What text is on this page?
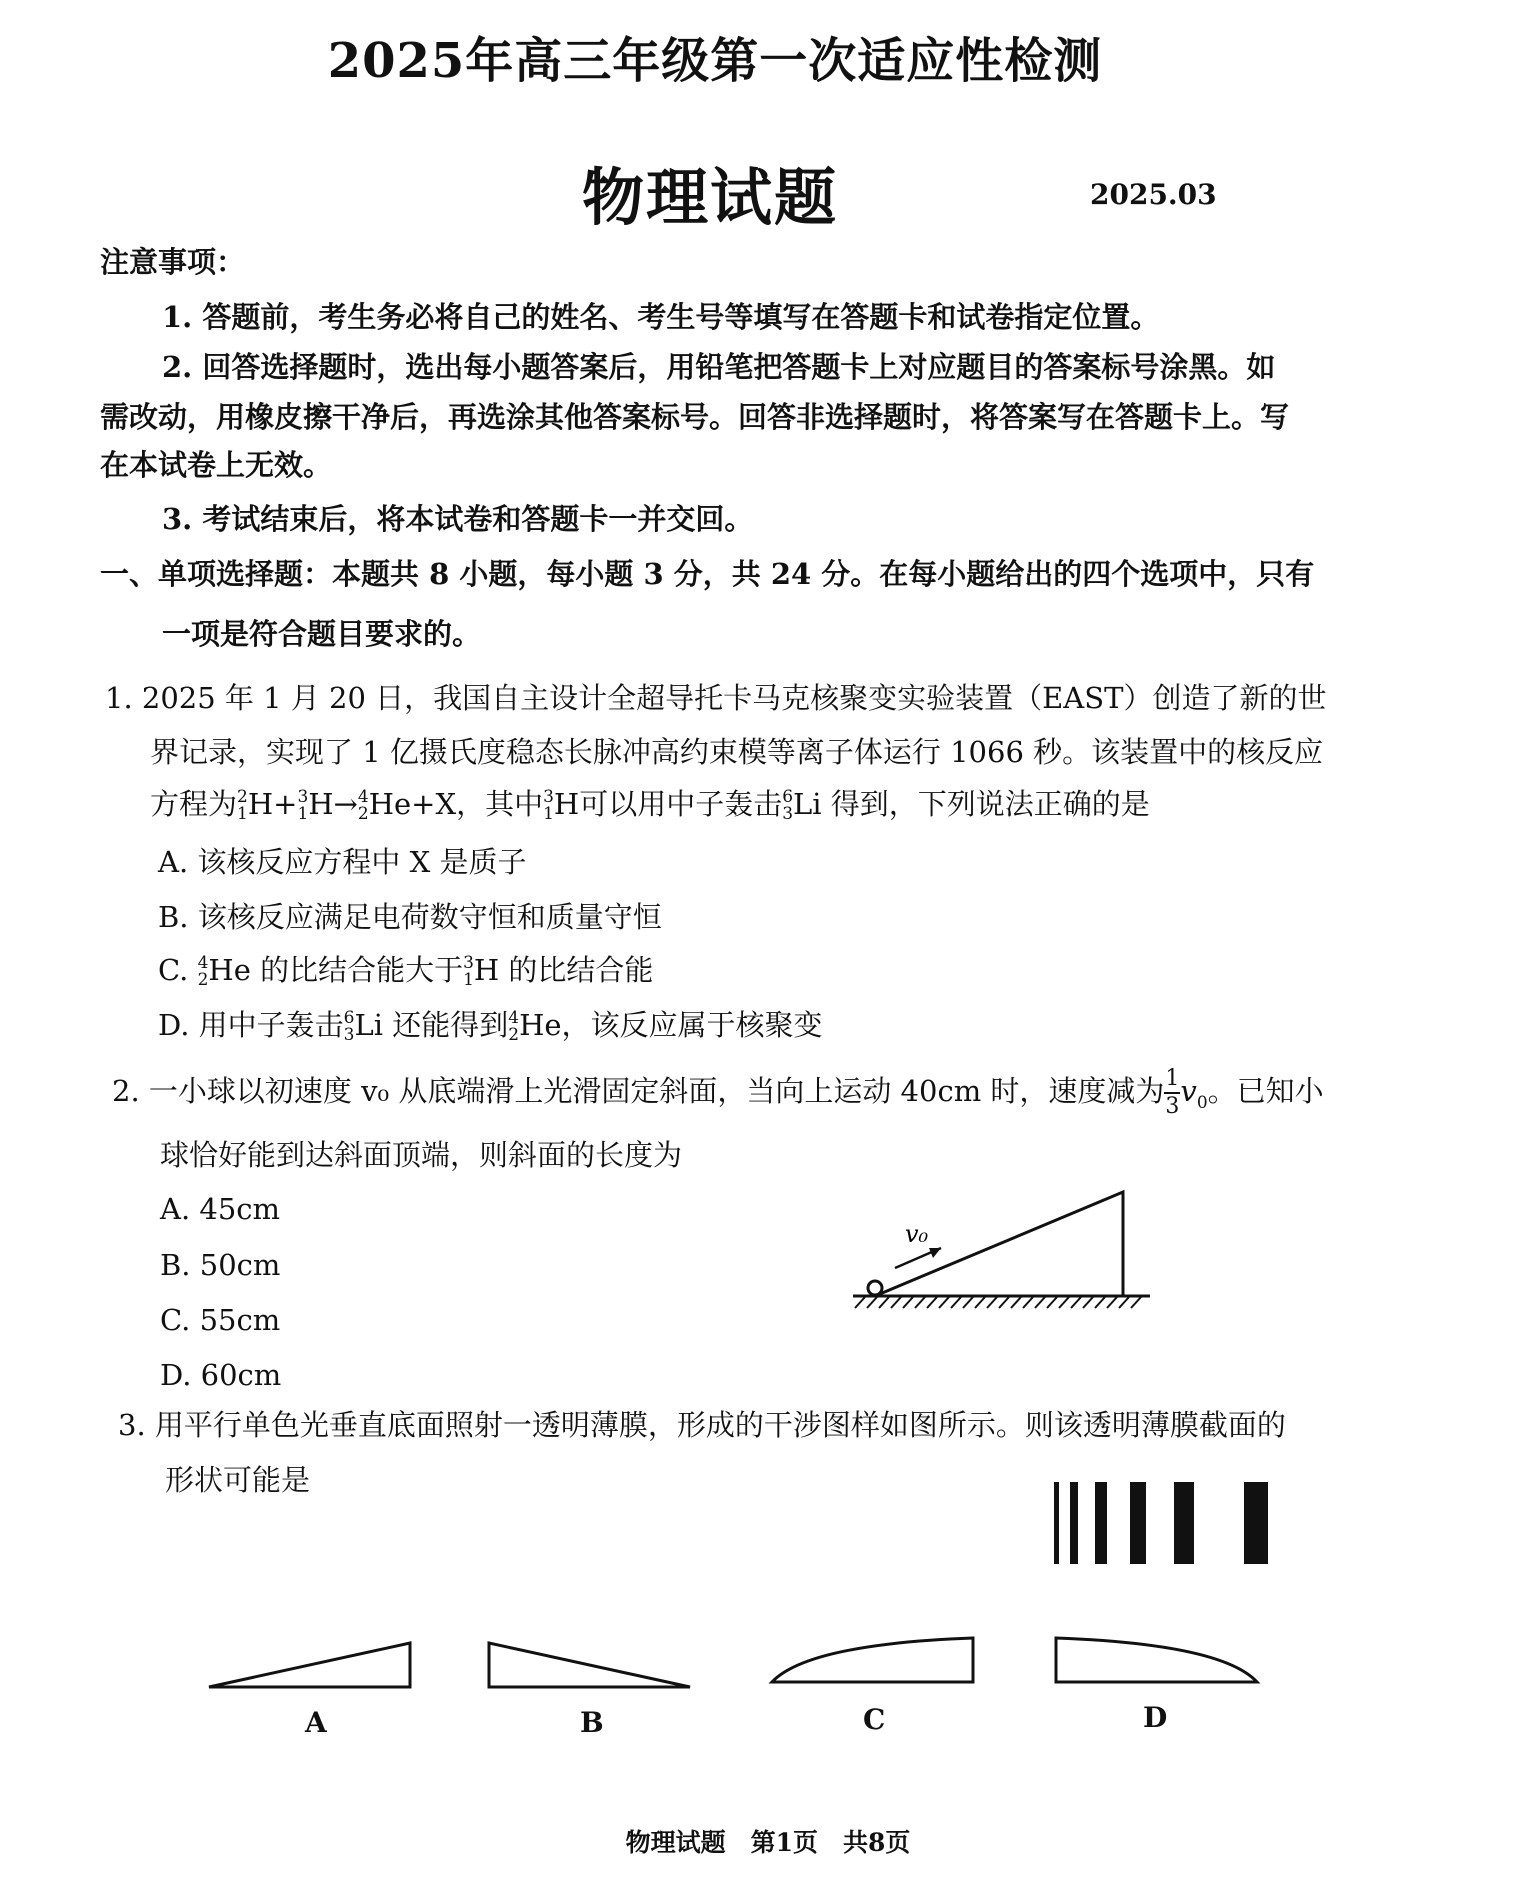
2025年高三年级第一次适应性检测
物理试题	2025.03
注意事项：
1. 答题前，考生务必将自己的姓名、考生号等填写在答题卡和试卷指定位置。
2. 回答选择题时，选出每小题答案后，用铅笔把答题卡上对应题目的答案标号涂黑。如
需改动，用橡皮擦干净后，再选涂其他答案标号。回答非选择题时，将答案写在答题卡上。写
在本试卷上无效。
3. 考试结束后，将本试卷和答题卡一并交回。
一、单项选择题：本题共 8 小题，每小题 3 分，共 24 分。在每小题给出的四个选项中，只有
一项是符合题目要求的。
1. 2025 年 1 月 20 日，我国自主设计全超导托卡马克核聚变实验装置（EAST）创造了新的世
界记录，实现了 1 亿摄氏度稳态长脉冲高约束模等离子体运行 1066 秒。该装置中的核反应
方程为 2
1 H+ 3
1 H→ 4
2 He+X，其中 3
1 H可以用中子轰击 6
3 Li 得到，下列说法正确的是
A. 该核反应方程中 X 是质子
B. 该核反应满足电荷数守恒和质量守恒
C. 4
2 He 的比结合能大于 3
1 H 的比结合能
D. 用中子轰击 6
3 Li 还能得到 4
2 He，该反应属于核聚变
2. 一小球以初速度 v₀ 从底端滑上光滑固定斜面，当向上运动 40cm 时，速度减为 $\frac{1}{3} v_0$。已知小
球恰好能到达斜面顶端，则斜面的长度为
A. 45cm
B. 50cm
C. 55cm
D. 60cm
v₀
3. 用平行单色光垂直底面照射一透明薄膜，形成的干涉图样如图所示。则该透明薄膜截面的
形状可能是
A	B	C	D
物理试题　第1页　共8页
